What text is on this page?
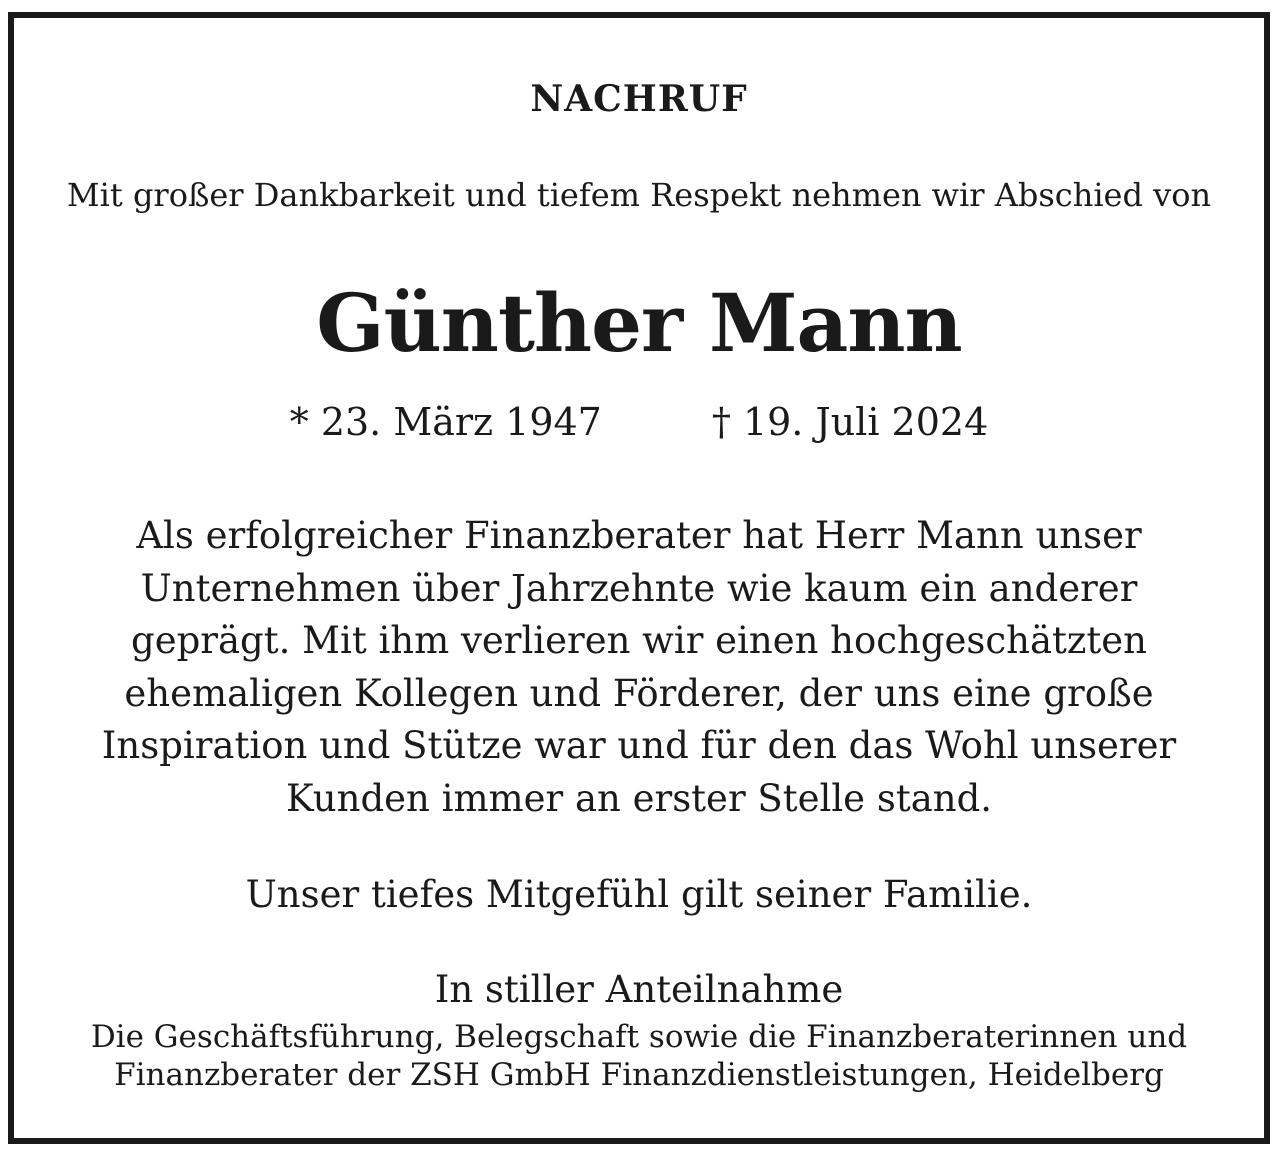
NACHRUF
Mit großer Dankbarkeit und tiefem Respekt nehmen wir Abschied von
Günther Mann
* 23. März 1947	† 19. Juli 2024
Als erfolgreicher Finanzberater hat Herr Mann unser
Unternehmen über Jahrzehnte wie kaum ein anderer
geprägt. Mit ihm verlieren wir einen hochgeschätzten
ehemaligen Kollegen und Förderer, der uns eine große
Inspiration und Stütze war und für den das Wohl unserer
Kunden immer an erster Stelle stand.
Unser tiefes Mitgefühl gilt seiner Familie.
In stiller Anteilnahme
Die Geschäftsführung, Belegschaft sowie die Finanzberaterinnen und
Finanzberater der ZSH GmbH Finanzdienstleistungen, Heidelberg
